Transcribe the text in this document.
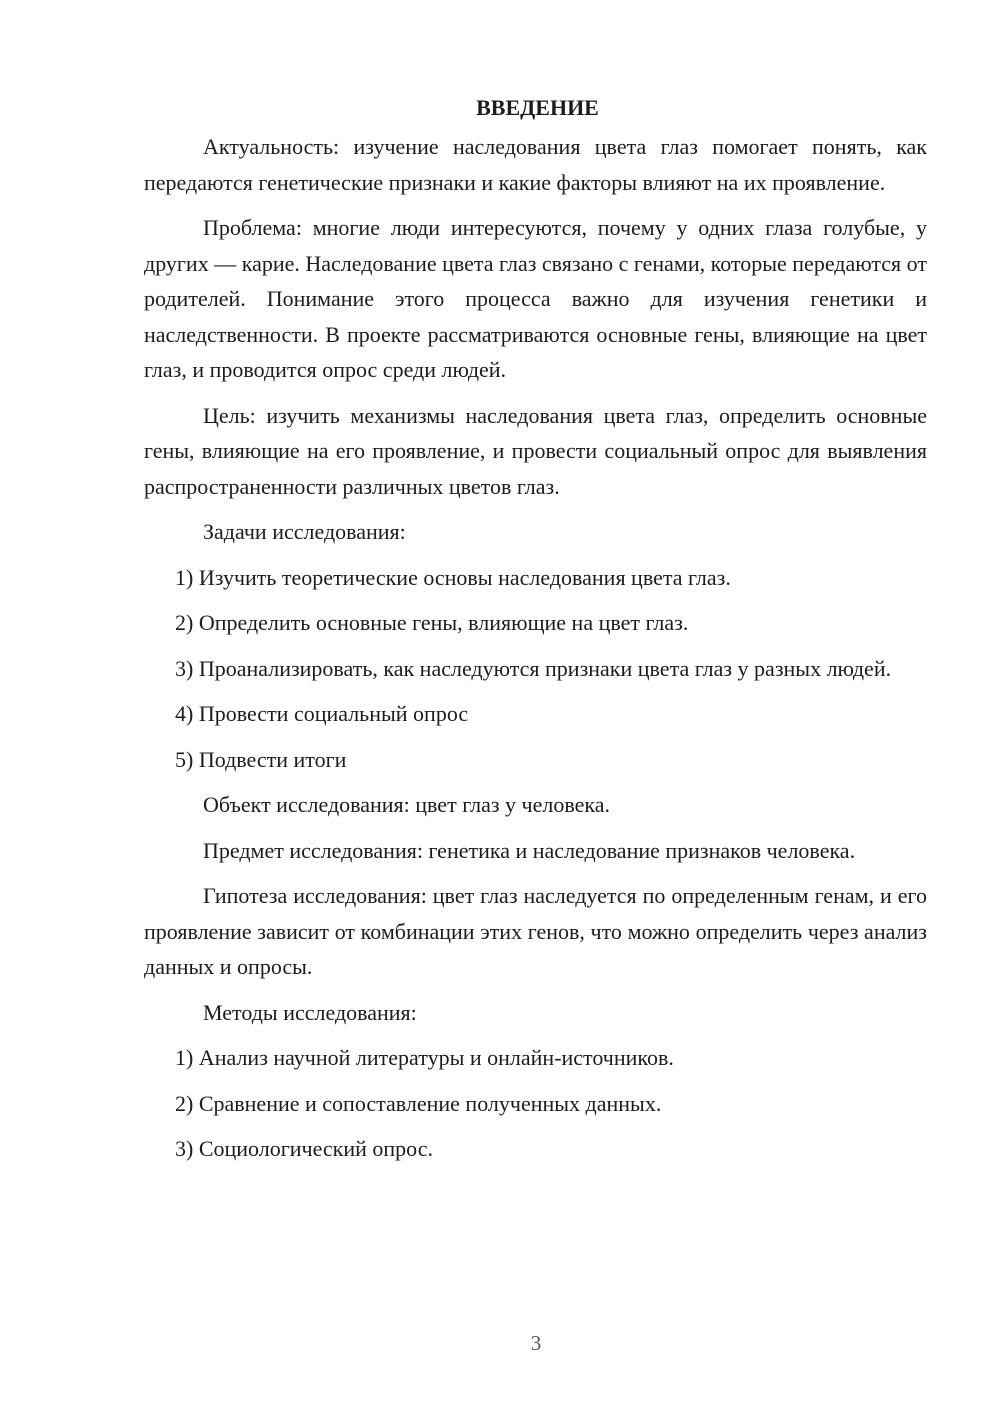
ВВЕДЕНИЕ

Актуальность: изучение наследования цвета глаз помогает понять, как передаются генетические признаки и какие факторы влияют на их проявление.

Проблема: многие люди интересуются, почему у одних глаза голубые, у других — карие. Наследование цвета глаз связано с генами, которые передаются от родителей. Понимание этого процесса важно для изучения генетики и наследственности. В проекте рассматриваются основные гены, влияющие на цвет глаз, и проводится опрос среди людей.

Цель: изучить механизмы наследования цвета глаз, определить основные гены, влияющие на его проявление, и провести социальный опрос для выявления распространенности различных цветов глаз.

Задачи исследования:

1) Изучить теоретические основы наследования цвета глаз.

2) Определить основные гены, влияющие на цвет глаз.

3) Проанализировать, как наследуются признаки цвета глаз у разных людей.

4) Провести социальный опрос

5) Подвести итоги

Объект исследования: цвет глаз у человека.

Предмет исследования: генетика и наследование признаков человека.

Гипотеза исследования: цвет глаз наследуется по определенным генам, и его проявление зависит от комбинации этих генов, что можно определить через анализ данных и опросы.

Методы исследования:

1) Анализ научной литературы и онлайн-источников.

2) Сравнение и сопоставление полученных данных.

3) Социологический опрос.

3
